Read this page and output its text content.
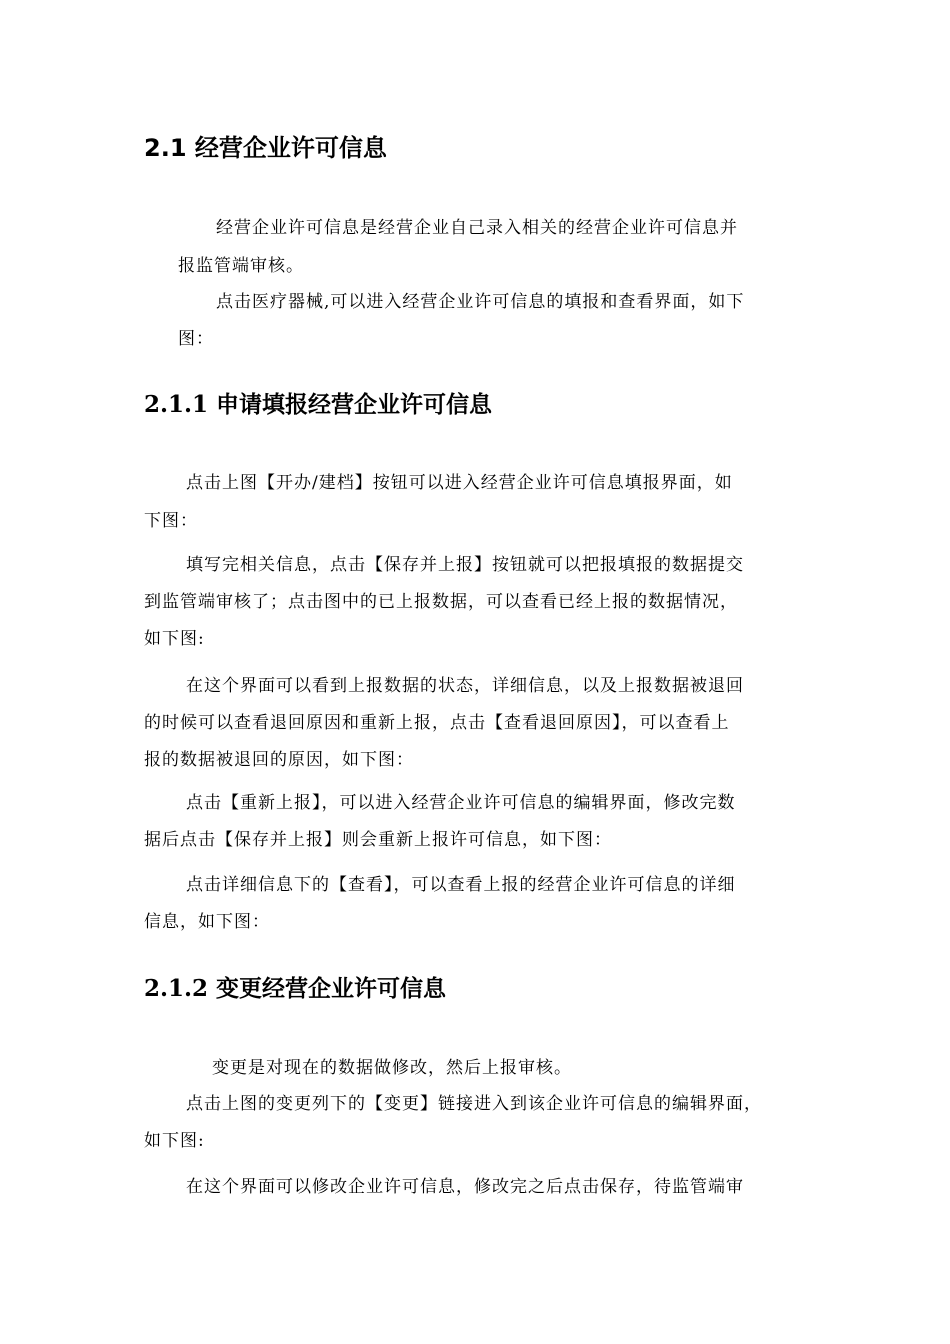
2.1 经营企业许可信息
经营企业许可信息是经营企业自己录入相关的经营企业许可信息并
报监管端审核。
点击医疗器械,可以进入经营企业许可信息的填报和查看界面，如下
图：
2.1.1 申请填报经营企业许可信息
点击上图【开办/建档】按钮可以进入经营企业许可信息填报界面，如
下图：
填写完相关信息，点击【保存并上报】按钮就可以把报填报的数据提交
到监管端审核了；点击图中的已上报数据，可以查看已经上报的数据情况，
如下图:
在这个界面可以看到上报数据的状态，详细信息，以及上报数据被退回
的时候可以查看退回原因和重新上报，点击【查看退回原因】，可以查看上
报的数据被退回的原因，如下图：
点击【重新上报】，可以进入经营企业许可信息的编辑界面，修改完数
据后点击【保存并上报】则会重新上报许可信息，如下图：
点击详细信息下的【查看】，可以查看上报的经营企业许可信息的详细
信息，如下图：
2.1.2 变更经营企业许可信息
变更是对现在的数据做修改，然后上报审核。
点击上图的变更列下的【变更】链接进入到该企业许可信息的编辑界面，
如下图:
在这个界面可以修改企业许可信息，修改完之后点击保存，待监管端审
